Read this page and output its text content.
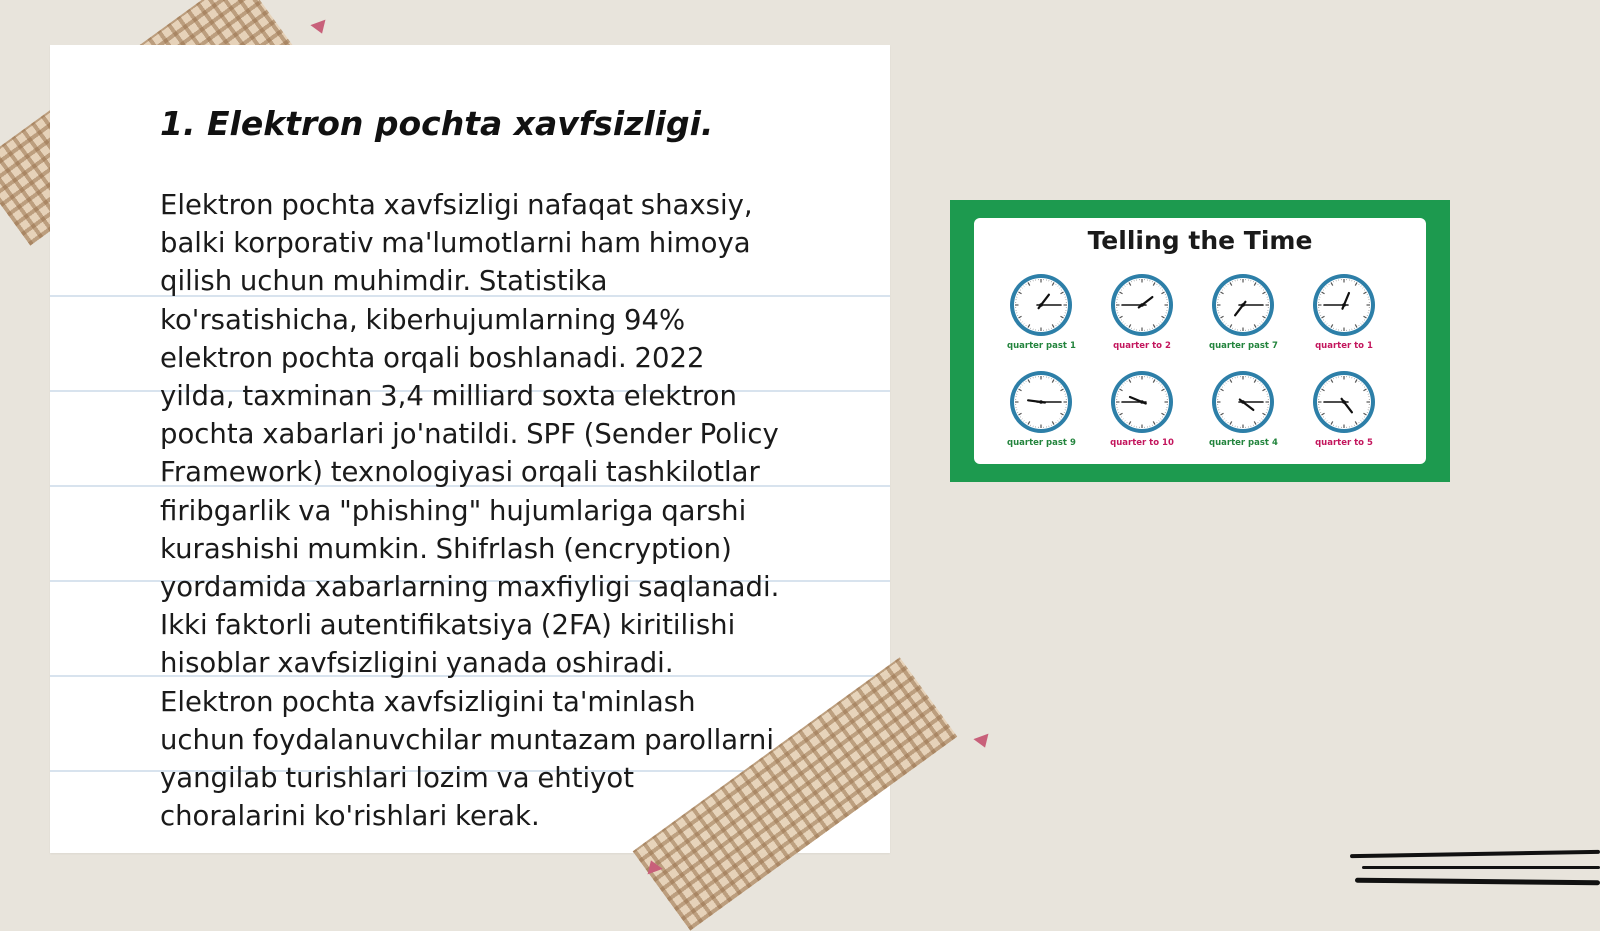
1. Elektron pochta xavfsizligi.
Elektron pochta xavfsizligi nafaqat shaxsiy,
balki korporativ ma'lumotlarni ham himoya
qilish uchun muhimdir. Statistika
ko'rsatishicha, kiberhujumlarning 94%
elektron pochta orqali boshlanadi. 2022
yilda, taxminan 3,4 milliard soxta elektron
pochta xabarlari jo'natildi. SPF (Sender Policy
Framework) texnologiyasi orqali tashkilotlar
firibgarlik va "phishing" hujumlariga qarshi
kurashishi mumkin. Shifrlash (encryption)
yordamida xabarlarning maxfiyligi saqlanadi.
Ikki faktorli autentifikatsiya (2FA) kiritilishi
hisoblar xavfsizligini yanada oshiradi.
Elektron pochta xavfsizligini ta'minlash
uchun foydalanuvchilar muntazam parollarni
yangilab turishlari lozim va ehtiyot
choralarini ko'rishlari kerak.
Telling the Time
quarter past 1	quarter to 2	quarter past 7	quarter to 1
quarter past 9	quarter to 10	quarter past 4	quarter to 5
